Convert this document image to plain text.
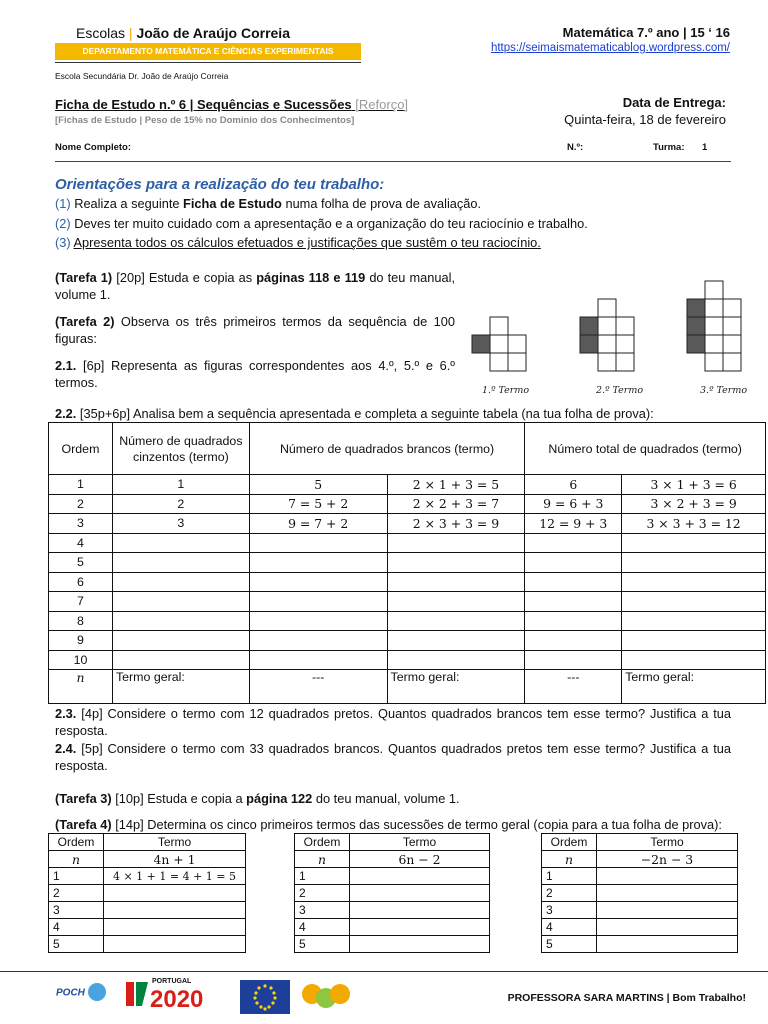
Escolas | João de Araújo Correia
DEPARTAMENTO MATEMÁTICA E CIÊNCIAS EXPERIMENTAIS
Escola Secundária Dr. João de Araújo Correia
Matemática 7.º ano | 15 ‘ 16
https://seimaismatematicablog.wordpress.com/
Ficha de Estudo n.º 6 | Sequências e Sucessões [Reforço]
[Fichas de Estudo | Peso de 15% no Domínio dos Conhecimentos]
Data de Entrega:
Quinta-feira, 18 de fevereiro
Nome Completo:	N.º:	Turma: 1
Orientações para a realização do teu trabalho:
(1) Realiza a seguinte Ficha de Estudo numa folha de prova de avaliação.
(2) Deves ter muito cuidado com a apresentação e a organização do teu raciocínio e trabalho.
(3) Apresenta todos os cálculos efetuados e justificações que sustêm o teu raciocínio.
(Tarefa 1) [20p] Estuda e copia as páginas 118 e 119 do teu manual, volume 1.
(Tarefa 2) Observa os três primeiros termos da sequência de 100 figuras:
2.1. [6p] Representa as figuras correspondentes aos 4.º, 5.º e 6.º termos.
1.º Termo	2.º Termo	3.º Termo
2.2. [35p+6p] Analisa bem a sequência apresentada e completa a seguinte tabela (na tua folha de prova):
Ordem	Número de quadrados cinzentos (termo)	Número de quadrados brancos (termo)		Número total de quadrados (termo)	
1	1	5	2 × 1 + 3 = 5	6	3 × 1 + 3 = 6
2	2	7 = 5 + 2	2 × 2 + 3 = 7	9 = 6 + 3	3 × 2 + 3 = 9
3	3	9 = 7 + 2	2 × 3 + 3 = 9	12 = 9 + 3	3 × 3 + 3 = 12
4					
5					
6					
7					
8					
9					
10					
n	Termo geral:	---	Termo geral:	---	Termo geral:
2.3. [4p] Considere o termo com 12 quadrados pretos. Quantos quadrados brancos tem esse termo? Justifica a tua resposta.
2.4. [5p] Considere o termo com 33 quadrados brancos. Quantos quadrados pretos tem esse termo? Justifica a tua resposta.
(Tarefa 3) [10p] Estuda e copia a página 122 do teu manual, volume 1.
(Tarefa 4) [14p] Determina os cinco primeiros termos das sucessões de termo geral (copia para a tua folha de prova):
Ordem	Termo
n	4n + 1
1	4 × 1 + 1 = 4 + 1 = 5
2	
3	
4	
5	
Ordem	Termo
n	6n − 2
1	
2	
3	
4	
5	
Ordem	Termo
n	−2n − 3
1	
2	
3	
4	
5	
POCH
PORTUGAL
2020	PROFESSORA SARA MARTINS | Bom Trabalho!
